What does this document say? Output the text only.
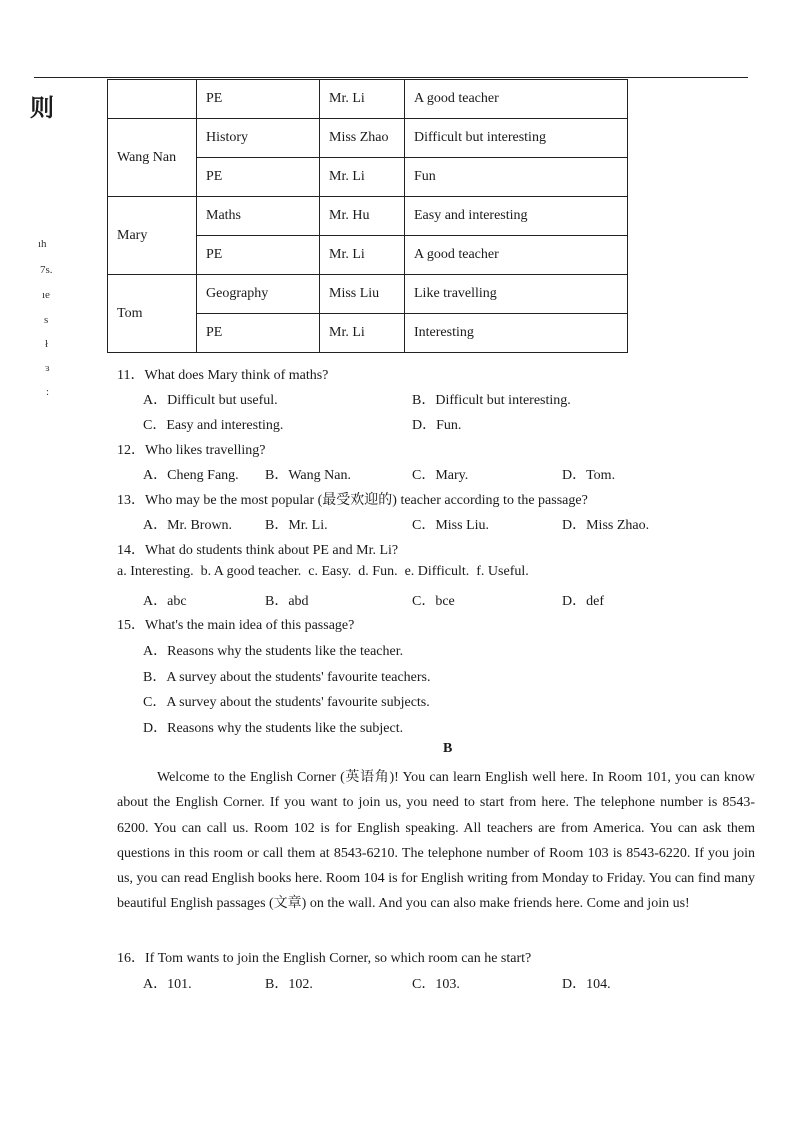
则
ıh
7s.
ıe
s
ł
ɜ
:
	PE	Mr. Li	A good teacher
Wang Nan	History	Miss Zhao	Difficult but interesting
	PE	Mr. Li	Fun
Mary	Maths	Mr. Hu	Easy and interesting
	PE	Mr. Li	A good teacher
Tom	Geography	Miss Liu	Like travelling
	PE	Mr. Li	Interesting
11．What does Mary think of maths?
A．Difficult but useful.	B．Difficult but interesting.
C．Easy and interesting.	D．Fun.
12．Who likes travelling?
A．Cheng Fang. B．Wang Nan.	C．Mary.	D．Tom.
13．Who may be the most popular (最受欢迎的) teacher according to the passage?
A．Mr. Brown. B．Mr. Li.	C．Miss Liu.	D．Miss Zhao.
14．What do students think about PE and Mr. Li?
a. Interesting.  b. A good teacher.  c. Easy.  d. Fun.  e. Difficult.  f. Useful.
A．abc	B．abd	C．bce	D．def
15．What's the main idea of this passage?
A．Reasons why the students like the teacher.
B．A survey about the students' favourite teachers.
C．A survey about the students' favourite subjects.
D．Reasons why the students like the subject.
B

Welcome to the English Corner (英语角)! You can learn English well here. In Room 101, you can know about the English Corner. If you want to join us, you need to start from here. The telephone number is 8543-6200. You can call us. Room 102 is for English speaking. All teachers are from America. You can ask them questions in this room or call them at 8543-6210. The telephone number of Room 103 is 8543-6220. If you join us, you can read English books here. Room 104 is for English writing from Monday to Friday. You can find many beautiful English passages (文章) on the wall. And you can also make friends here. Come and join us!

16．If Tom wants to join the English Corner, so which room can he start?
A．101.	B．102.	C．103.	D．104.
